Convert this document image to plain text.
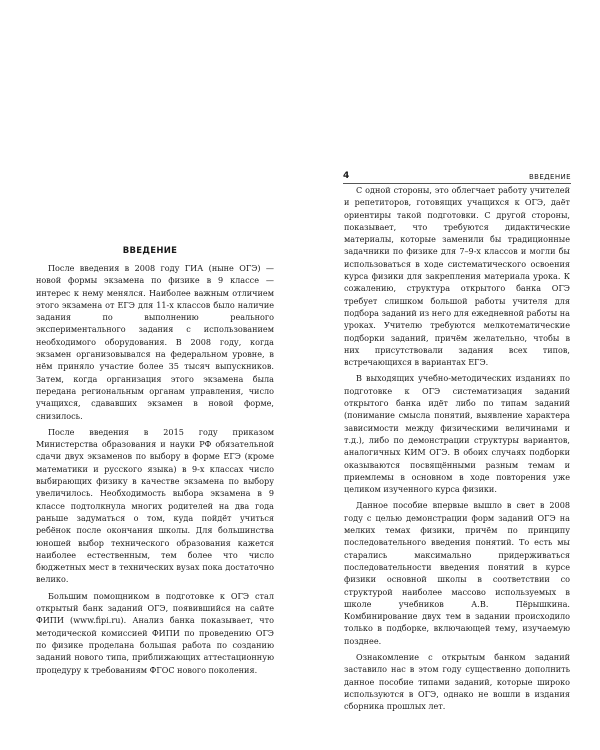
ВВЕДЕНИЕ

После введения в 2008 году ГИА (ныне ОГЭ) — новой формы экзамена по физике в 9 классе — интерес к нему менялся. Наиболее важным отличием этого экзамена от ЕГЭ для 11-х классов было наличие задания по выполнению реального экспериментального задания с использованием необходимого оборудования. В 2008 году, когда экзамен организовывался на федеральном уровне, в нём приняло участие более 35 тысяч выпускников. Затем, когда организация этого экзамена была передана региональным органам управления, число учащихся, сдававших экзамен в новой форме, снизилось.

После введения в 2015 году приказом Министерства образования и науки РФ обязательной сдачи двух экзаменов по выбору в форме ЕГЭ (кроме математики и русского языка) в 9-х классах число выбирающих физику в качестве экзамена по выбору увеличилось. Необходимость выбора экзамена в 9 классе подтолкнула многих родителей на два года раньше задуматься о том, куда пойдёт учиться ребёнок после окончания школы. Для большинства юношей выбор технического образования кажется наиболее естественным, тем более что число бюджетных мест в технических вузах пока достаточно велико.

Большим помощником в подготовке к ОГЭ стал открытый банк заданий ОГЭ, появившийся на сайте ФИПИ (www.fipi.ru). Анализ банка показывает, что методической комиссией ФИПИ по проведению ОГЭ по физике проделана большая работа по созданию заданий нового типа, приближающих аттестационную процедуру к требованиям ФГОС нового поколения.

4	ВВЕДЕНИЕ

С одной стороны, это облегчает работу учителей и репетиторов, готовящих учащихся к ОГЭ, даёт ориентиры такой подготовки. С другой стороны, показывает, что требуются дидактические материалы, которые заменили бы традиционные задачники по физике для 7–9-х классов и могли бы использоваться в ходе систематического освоения курса физики для закрепления материала урока. К сожалению, структура открытого банка ОГЭ требует слишком большой работы учителя для подбора заданий из него для ежедневной работы на уроках. Учителю требуются мелкотематические подборки заданий, причём желательно, чтобы в них присутствовали задания всех типов, встречающихся в вариантах ЕГЭ.

В выходящих учебно-методических изданиях по подготовке к ОГЭ систематизация заданий открытого банка идёт либо по типам заданий (понимание смысла понятий, выявление характера зависимости между физическими величинами и т.д.), либо по демонстрации структуры вариантов, аналогичных КИМ ОГЭ. В обоих случаях подборки оказываются посвящёнными разным темам и приемлемы в основном в ходе повторения уже целиком изученного курса физики.

Данное пособие впервые вышло в свет в 2008 году с целью демонстрации форм заданий ОГЭ на мелких темах физики, причём по принципу последовательного введения понятий. То есть мы старались максимально придерживаться последовательности введения понятий в курсе физики основной школы в соответствии со структурой наиболее массово используемых в школе учебников А.В. Пёрышкина. Комбинирование двух тем в задании происходило только в подборке, включающей тему, изучаемую позднее.

Ознакомление с открытым банком заданий заставило нас в этом году существенно дополнить данное пособие типами заданий, которые широко используются в ОГЭ, однако не вошли в издания сборника прошлых лет.
